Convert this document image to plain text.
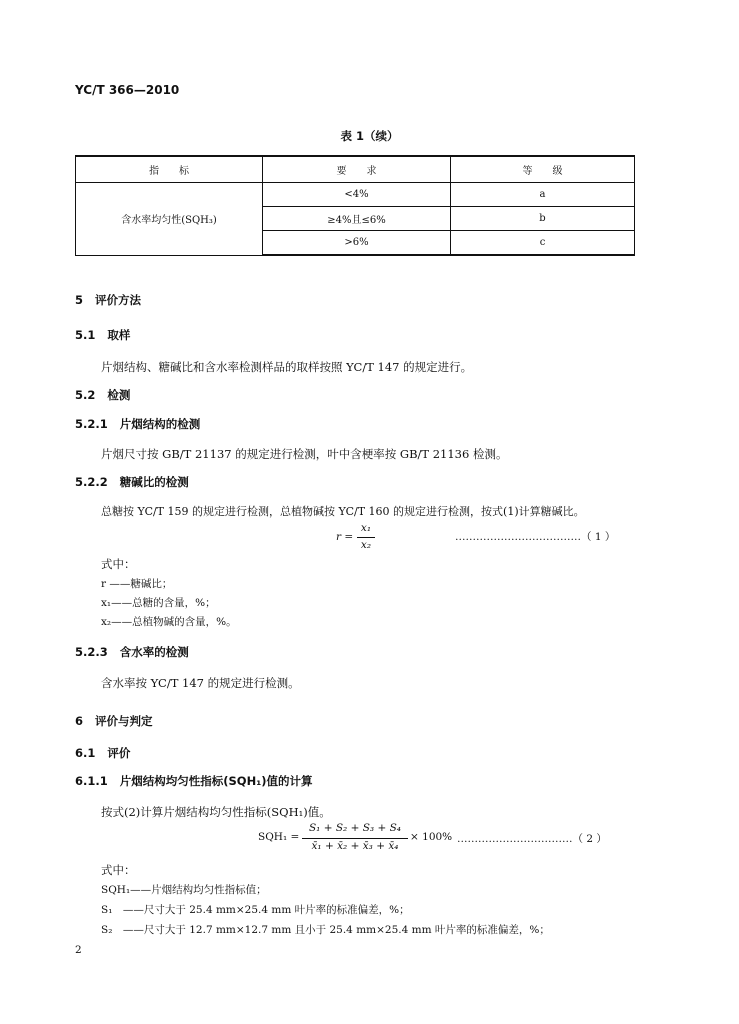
YC/T 366—2010
表 1（续）
指　　标	要　　求	等　　级
含水率均匀性(SQH₃)	<4%	a
	≥4%且≤6%	b
	>6%	c
5 评价方法
5.1 取样
片烟结构、糖碱比和含水率检测样品的取样按照 YC/T 147 的规定进行。
5.2 检测
5.2.1 片烟结构的检测
片烟尺寸按 GB/T 21137 的规定进行检测，叶中含梗率按 GB/T 21136 检测。
5.2.2 糖碱比的检测
总糖按 YC/T 159 的规定进行检测，总植物碱按 YC/T 160 的规定进行检测，按式(1)计算糖碱比。
r =
x₁
x₂
………………………………（ 1 ）
式中：
r ——糖碱比；
x₁——总糖的含量，%；
x₂——总植物碱的含量，%。
5.2.3 含水率的检测
含水率按 YC/T 147 的规定进行检测。
6 评价与判定
6.1 评价
6.1.1 片烟结构均匀性指标(SQH₁)值的计算
按式(2)计算片烟结构均匀性指标(SQH₁)值。
SQH₁ =
S₁ + S₂ + S₃ + S₄
x̄₁ + x̄₂ + x̄₃ + x̄₄
× 100% ……………………………（ 2 ）
式中：
SQH₁——片烟结构均匀性指标值；
S₁　——尺寸大于 25.4 mm×25.4 mm 叶片率的标准偏差，%；
S₂　——尺寸大于 12.7 mm×12.7 mm 且小于 25.4 mm×25.4 mm 叶片率的标准偏差，%；
2
